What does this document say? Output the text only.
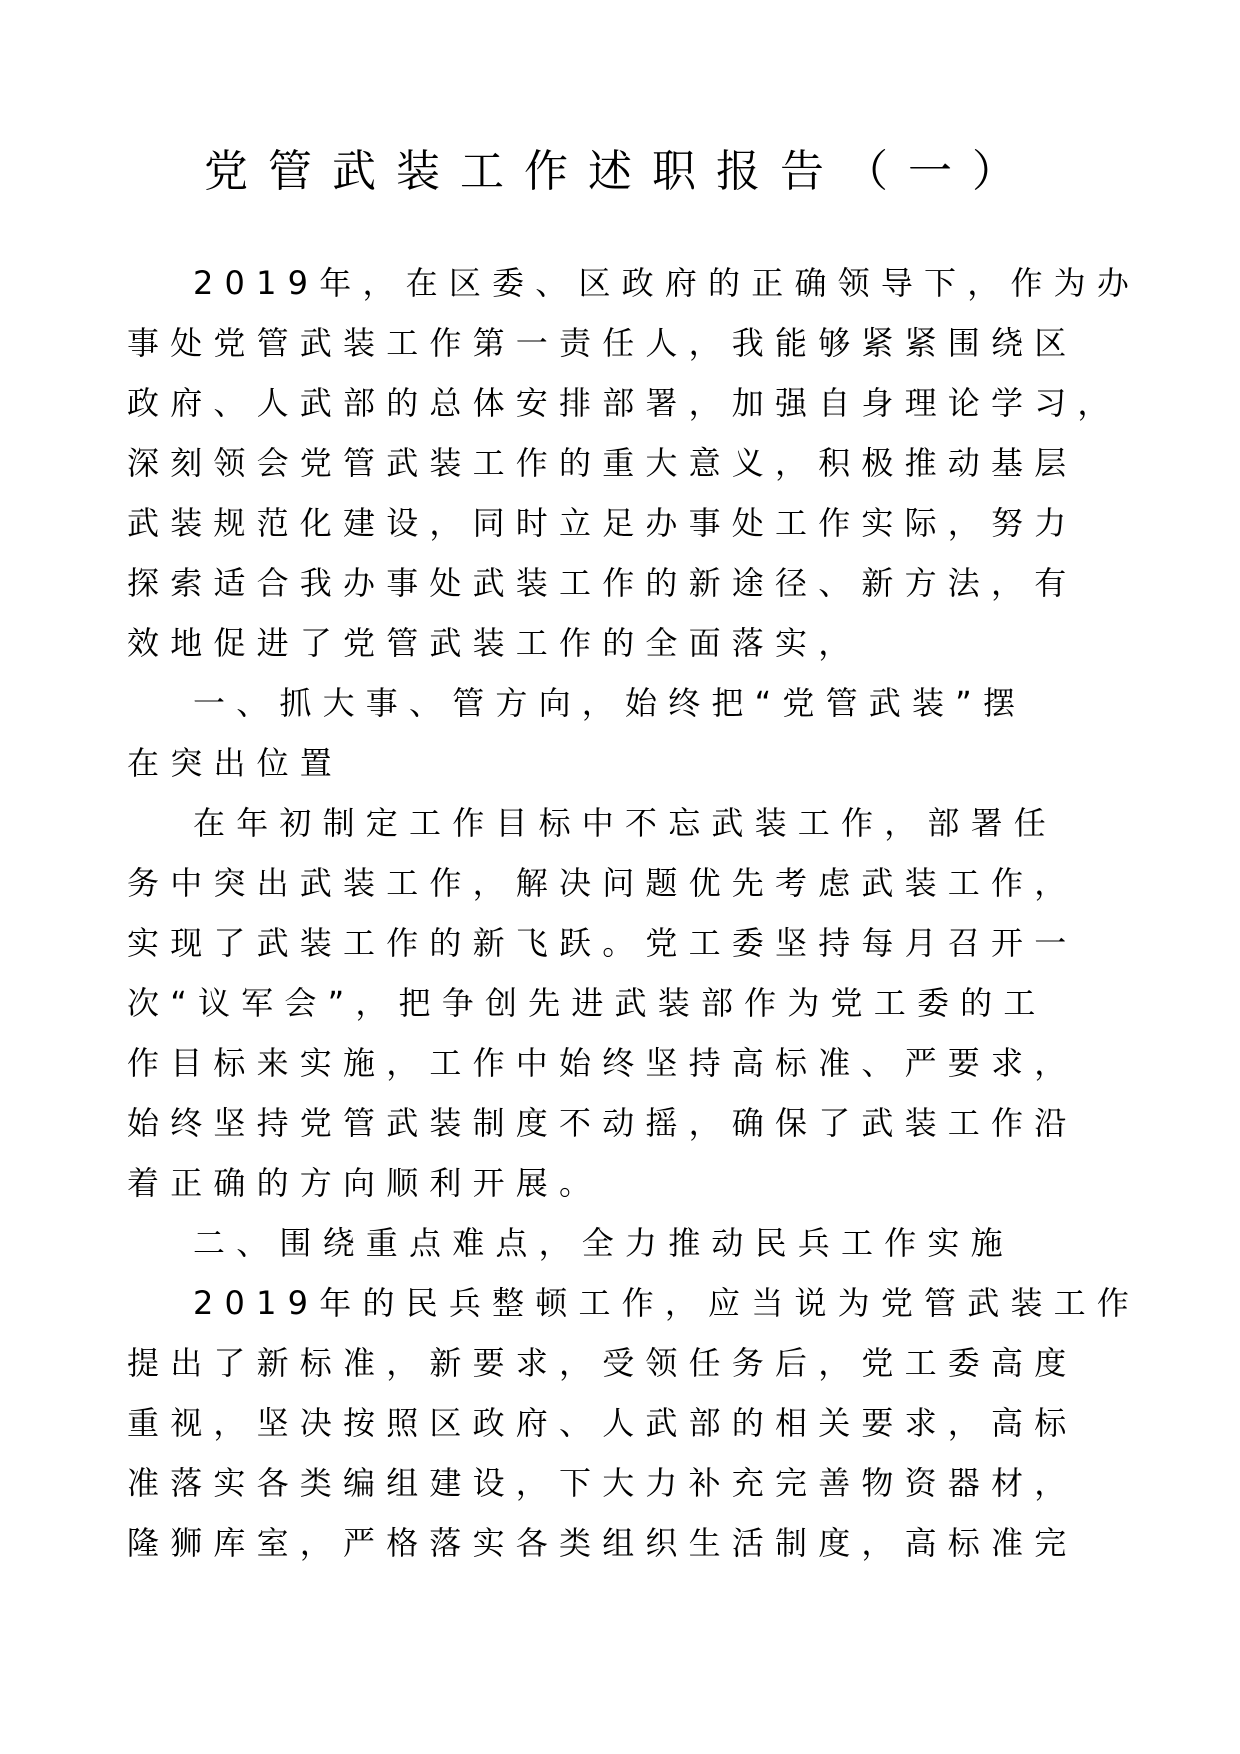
党管武装工作述职报告（一）
2019年，在区委、区政府的正确领导下，作为办
事处党管武装工作第一责任人，我能够紧紧围绕区
政府、人武部的总体安排部署，加强自身理论学习，
深刻领会党管武装工作的重大意义，积极推动基层
武装规范化建设，同时立足办事处工作实际，努力
探索适合我办事处武装工作的新途径、新方法，有
效地促进了党管武装工作的全面落实，
一、抓大事、管方向，始终把“党管武装”摆
在突出位置
在年初制定工作目标中不忘武装工作，部署任
务中突出武装工作，解决问题优先考虑武装工作，
实现了武装工作的新飞跃。党工委坚持每月召开一
次“议军会”，把争创先进武装部作为党工委的工
作目标来实施，工作中始终坚持高标准、严要求，
始终坚持党管武装制度不动摇，确保了武装工作沿
着正确的方向顺利开展。
二、围绕重点难点，全力推动民兵工作实施
2019年的民兵整顿工作，应当说为党管武装工作
提出了新标准，新要求，受领任务后，党工委高度
重视，坚决按照区政府、人武部的相关要求，高标
准落实各类编组建设，下大力补充完善物资器材，
隆狮库室，严格落实各类组织生活制度，高标准完
